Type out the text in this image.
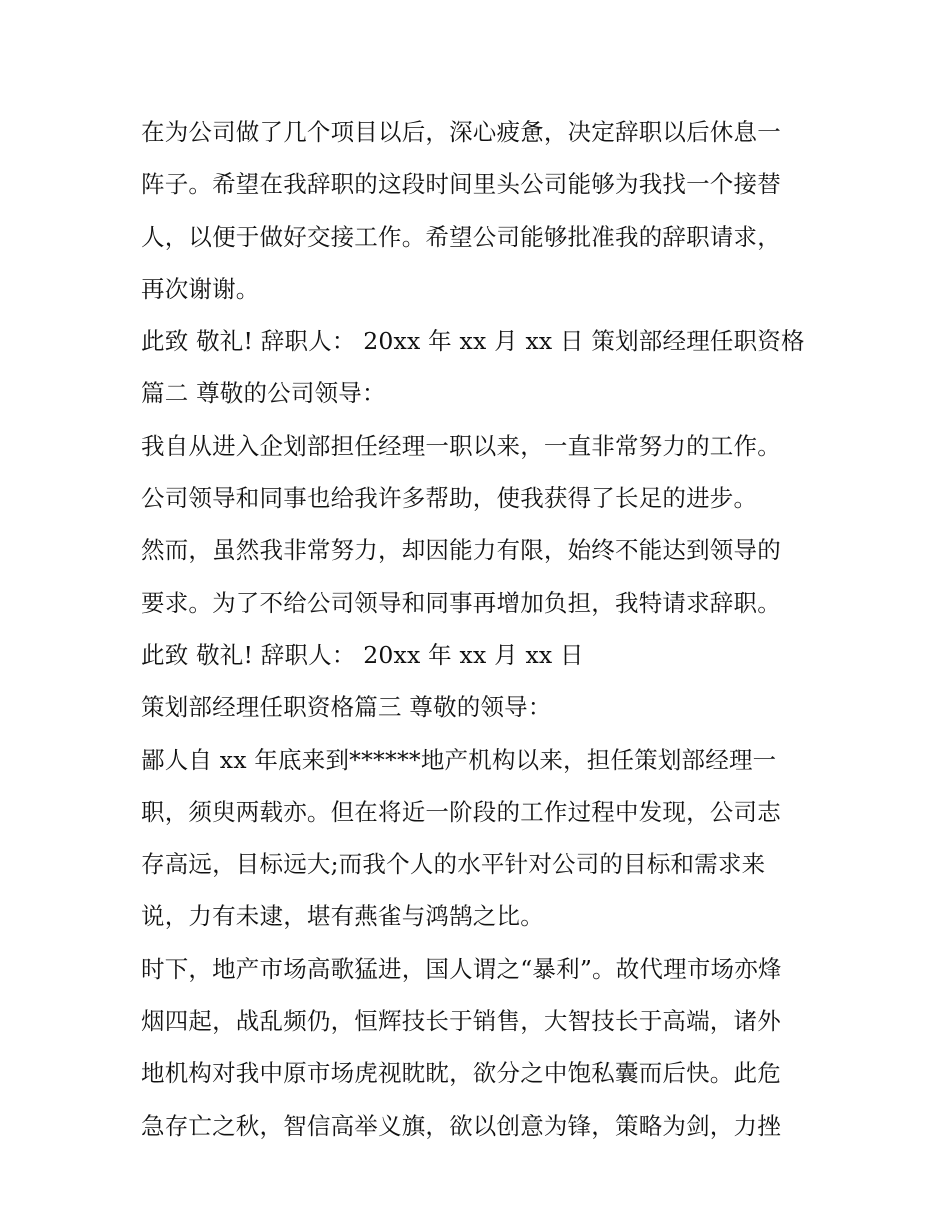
在为公司做了几个项目以后，深心疲惫，决定辞职以后休息一
阵子。希望在我辞职的这段时间里头公司能够为我找一个接替
人，以便于做好交接工作。希望公司能够批准我的辞职请求，
再次谢谢。
此致 敬礼! 辞职人： 20xx 年 xx 月 xx 日 策划部经理任职资格
篇二 尊敬的公司领导：
我自从进入企划部担任经理一职以来，一直非常努力的工作。
公司领导和同事也给我许多帮助，使我获得了长足的进步。
然而，虽然我非常努力，却因能力有限，始终不能达到领导的
要求。为了不给公司领导和同事再增加负担，我特请求辞职。
此致 敬礼! 辞职人： 20xx 年 xx 月 xx 日
策划部经理任职资格篇三 尊敬的领导：
鄙人自 xx 年底来到******地产机构以来，担任策划部经理一
职，须臾两载亦。但在将近一阶段的工作过程中发现，公司志
存高远，目标远大;而我个人的水平针对公司的目标和需求来
说，力有未逮，堪有燕雀与鸿鹄之比。
时下，地产市场高歌猛进，国人谓之“暴利”。故代理市场亦烽
烟四起，战乱频仍，恒辉技长于销售，大智技长于高端，诸外
地机构对我中原市场虎视眈眈，欲分之中饱私囊而后快。此危
急存亡之秋，智信高举义旗，欲以创意为锋，策略为剑，力挫
